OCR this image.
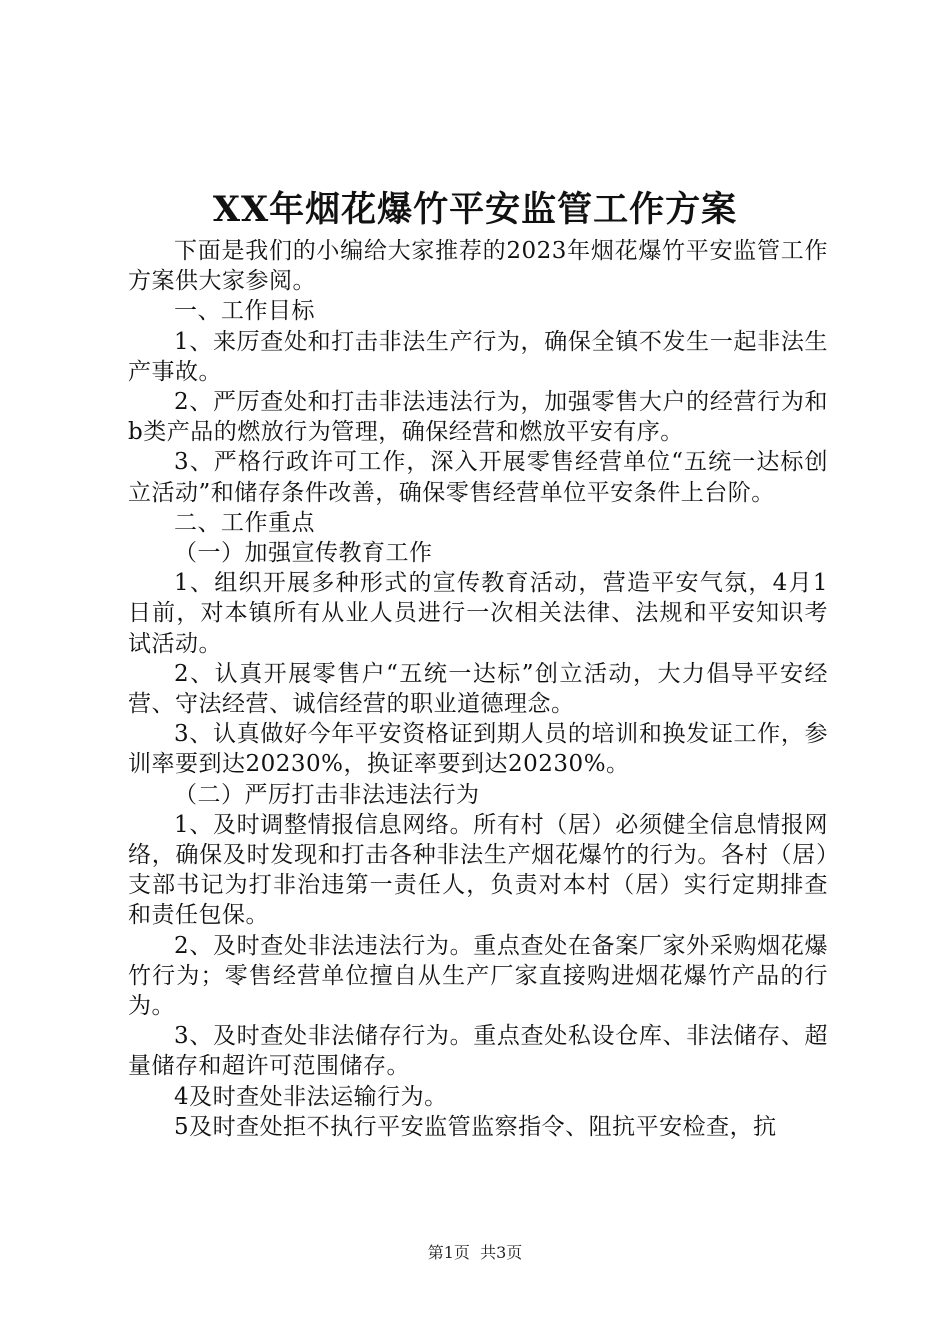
XX年烟花爆竹平安监管工作方案

下面是我们的小编给大家推荐的2023年烟花爆竹平安监管工作方案供大家参阅。

一、工作目标

1、来厉查处和打击非法生产行为，确保全镇不发生一起非法生产事故。

2、严厉查处和打击非法违法行为，加强零售大户的经营行为和b类产品的燃放行为管理，确保经营和燃放平安有序。

3、严格行政许可工作，深入开展零售经营单位“五统一达标创立活动”和储存条件改善，确保零售经营单位平安条件上台阶。

二、工作重点

（一）加强宣传教育工作

1、组织开展多种形式的宣传教育活动，营造平安气氛，4月1日前，对本镇所有从业人员进行一次相关法律、法规和平安知识考试活动。

2、认真开展零售户“五统一达标”创立活动，大力倡导平安经营、守法经营、诚信经营的职业道德理念。

3、认真做好今年平安资格证到期人员的培训和换发证工作，参训率要到达20230%，换证率要到达20230%。

（二）严厉打击非法违法行为

1、及时调整情报信息网络。所有村（居）必须健全信息情报网络，确保及时发现和打击各种非法生产烟花爆竹的行为。各村（居）支部书记为打非治违第一责任人，负责对本村（居）实行定期排查和责任包保。

2、及时查处非法违法行为。重点查处在备案厂家外采购烟花爆竹行为；零售经营单位擅自从生产厂家直接购进烟花爆竹产品的行为。

3、及时查处非法储存行为。重点查处私设仓库、非法储存、超量储存和超许可范围储存。

4及时查处非法运输行为。

5及时查处拒不执行平安监管监察指令、阻抗平安检查，抗

第1页  共3页
